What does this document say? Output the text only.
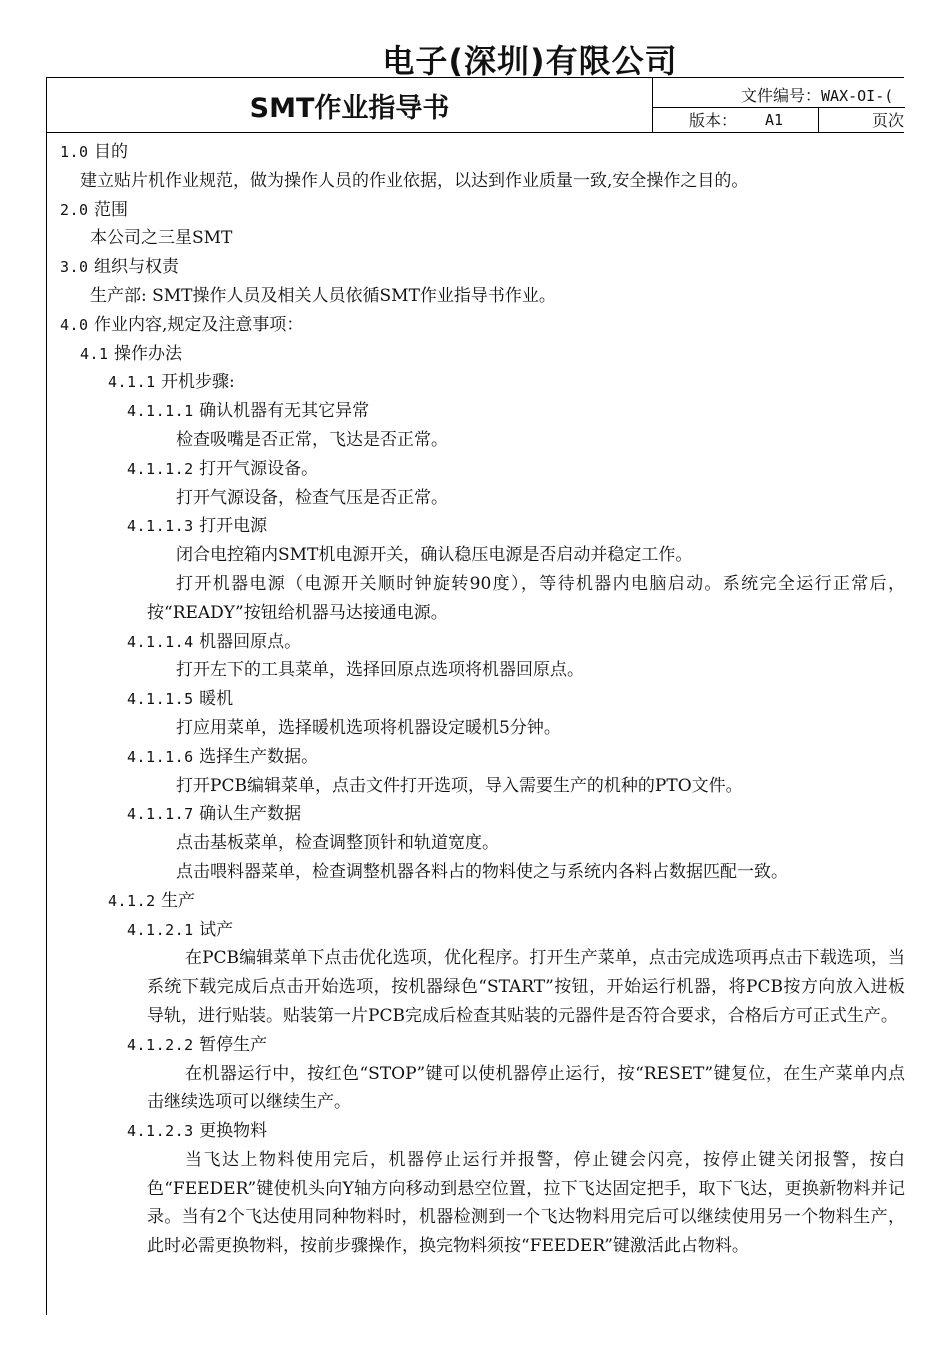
电子(深圳)有限公司
SMT作业指导书	文件编号：WAX-OI-(
版本： A1	页次
1.0 目的
建立贴片机作业规范，做为操作人员的作业依据，以达到作业质量一致,安全操作之目的。
2.0 范围
本公司之三星SMT
3.0 组织与权责
生产部: SMT操作人员及相关人员依循SMT作业指导书作业。
4.0 作业内容,规定及注意事项：
4.1 操作办法
4.1.1 开机步骤:
4.1.1.1 确认机器有无其它异常
检查吸嘴是否正常，飞达是否正常。
4.1.1.2 打开气源设备。
打开气源设备，检查气压是否正常。
4.1.1.3 打开电源
闭合电控箱内SMT机电源开关，确认稳压电源是否启动并稳定工作。
打开机器电源（电源开关顺时钟旋转90度），等待机器内电脑启动。系统完全运行正常后，按“READY”按钮给机器马达接通电源。
4.1.1.4 机器回原点。
打开左下的工具菜单，选择回原点选项将机器回原点。
4.1.1.5 暖机
打应用菜单，选择暖机选项将机器设定暖机5分钟。
4.1.1.6 选择生产数据。
打开PCB编辑菜单，点击文件打开选项，导入需要生产的机种的PTO文件。
4.1.1.7 确认生产数据
点击基板菜单，检查调整顶针和轨道宽度。
点击喂料器菜单，检查调整机器各料占的物料使之与系统内各料占数据匹配一致。
4.1.2 生产
4.1.2.1 试产
在PCB编辑菜单下点击优化选项，优化程序。打开生产菜单，点击完成选项再点击下载选项，当系统下载完成后点击开始选项，按机器绿色“START”按钮，开始运行机器，将PCB按方向放入进板导轨，进行贴装。贴装第一片PCB完成后检查其贴装的元器件是否符合要求，合格后方可正式生产。
4.1.2.2 暂停生产
在机器运行中，按红色“STOP”键可以使机器停止运行，按“RESET”键复位，在生产菜单内点击继续选项可以继续生产。
4.1.2.3 更换物料
当飞达上物料使用完后，机器停止运行并报警，停止键会闪亮，按停止键关闭报警，按白色“FEEDER”键使机头向Y轴方向移动到悬空位置，拉下飞达固定把手，取下飞达，更换新物料并记录。当有2个飞达使用同种物料时，机器检测到一个飞达物料用完后可以继续使用另一个物料生产，此时必需更换物料，按前步骤操作，换完物料须按“FEEDER”键激活此占物料。
